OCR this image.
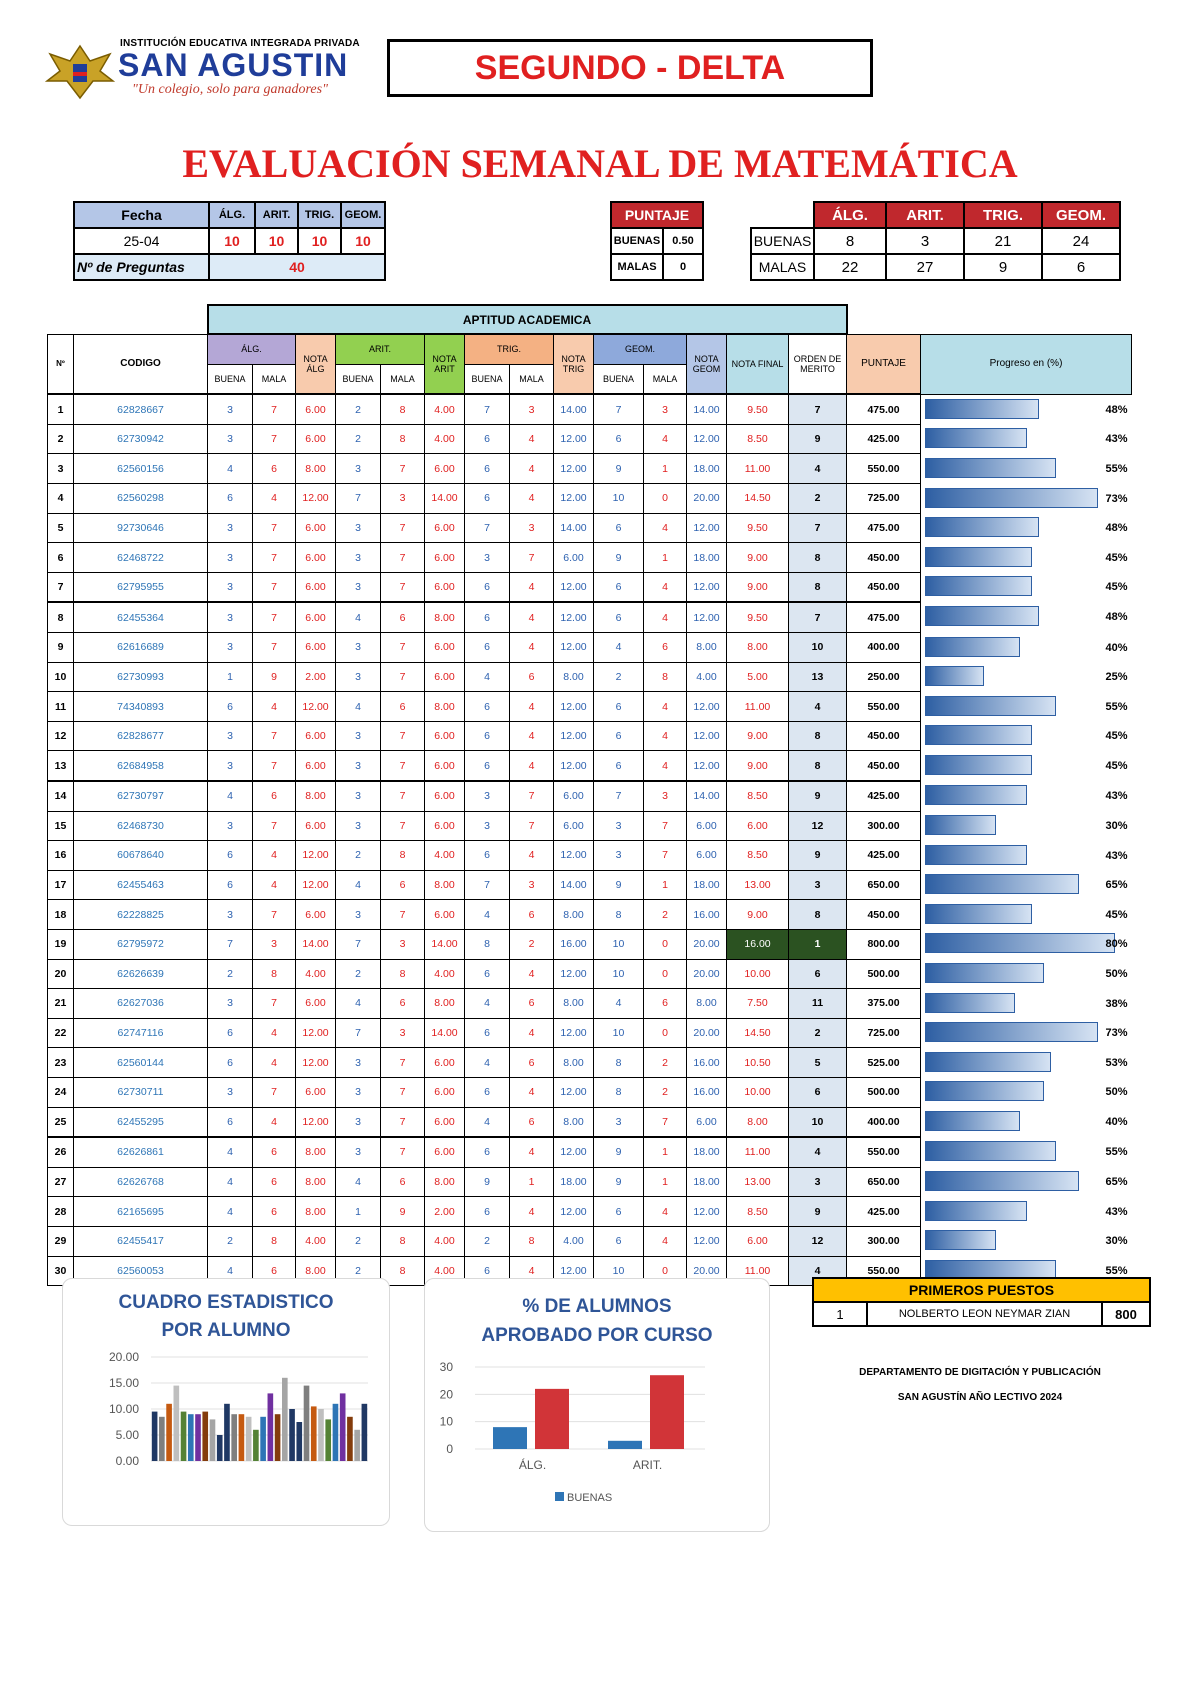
INSTITUCIÓN EDUCATIVA INTEGRADA PRIVADA
SAN AGUSTIN
"Un colegio, solo para ganadores"
SEGUNDO - DELTA
EVALUACIÓN SEMANAL DE MATEMÁTICA
Fecha	ÁLG.	ARIT.	TRIG.	GEOM.
25-04	10	10	10	10
Nº de Preguntas	40			
PUNTAJE	
BUENAS	0.50
MALAS	0
	ÁLG.	ARIT.	TRIG.	GEOM.
BUENAS	8	3	21	24
MALAS	22	27	9	6
		APTITUD ACADEMICA															
Nº	CODIGO	ÁLG.		NOTA ÁLG	ARIT.		NOTA ARIT	TRIG.		NOTA TRIG	GEOM.		NOTA GEOM	NOTA FINAL	ORDEN DE MERITO	PUNTAJE	Progreso en (%)
		BUENA	MALA		BUENA	MALA		BUENA	MALA		BUENA	MALA					
1	62828667	3	7	6.00	2	8	4.00	7	3	14.00	7	3	14.00	9.50	7	475.00	48%

2	62730942	3	7	6.00	2	8	4.00	6	4	12.00	6	4	12.00	8.50	9	425.00	43%

3	62560156	4	6	8.00	3	7	6.00	6	4	12.00	9	1	18.00	11.00	4	550.00	55%

4	62560298	6	4	12.00	7	3	14.00	6	4	12.00	10	0	20.00	14.50	2	725.00	73%

5	92730646	3	7	6.00	3	7	6.00	7	3	14.00	6	4	12.00	9.50	7	475.00	48%

6	62468722	3	7	6.00	3	7	6.00	3	7	6.00	9	1	18.00	9.00	8	450.00	45%

7	62795955	3	7	6.00	3	7	6.00	6	4	12.00	6	4	12.00	9.00	8	450.00	45%

8	62455364	3	7	6.00	4	6	8.00	6	4	12.00	6	4	12.00	9.50	7	475.00	48%

9	62616689	3	7	6.00	3	7	6.00	6	4	12.00	4	6	8.00	8.00	10	400.00	40%

10	62730993	1	9	2.00	3	7	6.00	4	6	8.00	2	8	4.00	5.00	13	250.00	25%

11	74340893	6	4	12.00	4	6	8.00	6	4	12.00	6	4	12.00	11.00	4	550.00	55%

12	62828677	3	7	6.00	3	7	6.00	6	4	12.00	6	4	12.00	9.00	8	450.00	45%

13	62684958	3	7	6.00	3	7	6.00	6	4	12.00	6	4	12.00	9.00	8	450.00	45%

14	62730797	4	6	8.00	3	7	6.00	3	7	6.00	7	3	14.00	8.50	9	425.00	43%

15	62468730	3	7	6.00	3	7	6.00	3	7	6.00	3	7	6.00	6.00	12	300.00	30%

16	60678640	6	4	12.00	2	8	4.00	6	4	12.00	3	7	6.00	8.50	9	425.00	43%

17	62455463	6	4	12.00	4	6	8.00	7	3	14.00	9	1	18.00	13.00	3	650.00	65%

18	62228825	3	7	6.00	3	7	6.00	4	6	8.00	8	2	16.00	9.00	8	450.00	45%

19	62795972	7	3	14.00	7	3	14.00	8	2	16.00	10	0	20.00	16.00	1	800.00	80%

20	62626639	2	8	4.00	2	8	4.00	6	4	12.00	10	0	20.00	10.00	6	500.00	50%

21	62627036	3	7	6.00	4	6	8.00	4	6	8.00	4	6	8.00	7.50	11	375.00	38%

22	62747116	6	4	12.00	7	3	14.00	6	4	12.00	10	0	20.00	14.50	2	725.00	73%

23	62560144	6	4	12.00	3	7	6.00	4	6	8.00	8	2	16.00	10.50	5	525.00	53%

24	62730711	3	7	6.00	3	7	6.00	6	4	12.00	8	2	16.00	10.00	6	500.00	50%

25	62455295	6	4	12.00	3	7	6.00	4	6	8.00	3	7	6.00	8.00	10	400.00	40%

26	62626861	4	6	8.00	3	7	6.00	6	4	12.00	9	1	18.00	11.00	4	550.00	55%

27	62626768	4	6	8.00	4	6	8.00	9	1	18.00	9	1	18.00	13.00	3	650.00	65%

28	62165695	4	6	8.00	1	9	2.00	6	4	12.00	6	4	12.00	8.50	9	425.00	43%

29	62455417	2	8	4.00	2	8	4.00	2	8	4.00	6	4	12.00	6.00	12	300.00	30%

30	62560053	4	6	8.00	2	8	4.00	6	4	12.00	10	0	20.00	11.00	4	550.00	55%
CUADRO ESTADISTICO
POR ALUMNO
20.00
15.00
10.00
5.00
0.00
% DE ALUMNOS
APROBADO POR CURSO
30
20
10
0
ÁLG.	ARIT.
BUENAS
PRIMEROS PUESTOS
1	NOLBERTO LEON NEYMAR ZIAN	800
DEPARTAMENTO DE DIGITACIÓN Y PUBLICACIÓN
SAN AGUSTÍN AÑO LECTIVO 2024
